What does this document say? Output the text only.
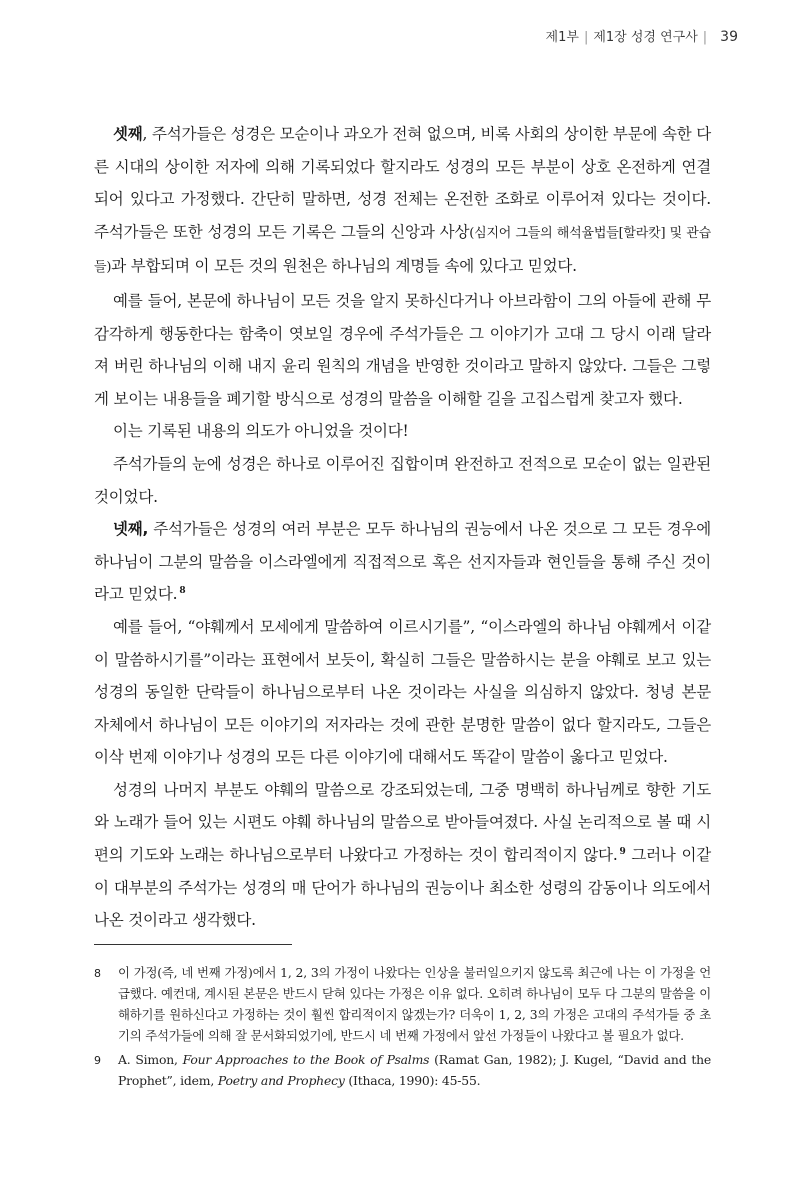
제1부 | 제1장 성경 연구사 | 39

셋째, 주석가들은 성경은 모순이나 과오가 전혀 없으며, 비록 사회의 상이한 부문에 속한 다른 시대의 상이한 저자에 의해 기록되었다 할지라도 성경의 모든 부분이 상호 온전하게 연결되어 있다고 가정했다. 간단히 말하면, 성경 전체는 온전한 조화로 이루어져 있다는 것이다. 주석가들은 또한 성경의 모든 기록은 그들의 신앙과 사상(심지어 그들의 해석율법들[할라캇] 및 관습들)과 부합되며 이 모든 것의 원천은 하나님의 계명들 속에 있다고 믿었다.

예를 들어, 본문에 하나님이 모든 것을 알지 못하신다거나 아브라함이 그의 아들에 관해 무감각하게 행동한다는 함축이 엿보일 경우에 주석가들은 그 이야기가 고대 그 당시 이래 달라져 버린 하나님의 이해 내지 윤리 원칙의 개념을 반영한 것이라고 말하지 않았다. 그들은 그렇게 보이는 내용들을 폐기할 방식으로 성경의 말씀을 이해할 길을 고집스럽게 찾고자 했다.

이는 기록된 내용의 의도가 아니었을 것이다!

주석가들의 눈에 성경은 하나로 이루어진 집합이며 완전하고 전적으로 모순이 없는 일관된 것이었다.

넷째, 주석가들은 성경의 여러 부분은 모두 하나님의 권능에서 나온 것으로 그 모든 경우에 하나님이 그분의 말씀을 이스라엘에게 직접적으로 혹은 선지자들과 현인들을 통해 주신 것이라고 믿었다. $^8$

예를 들어, “야훼께서 모세에게 말씀하여 이르시기를”, “이스라엘의 하나님 야훼께서 이같이 말씀하시기를”이라는 표현에서 보듯이, 확실히 그들은 말씀하시는 분을 야훼로 보고 있는 성경의 동일한 단락들이 하나님으로부터 나온 것이라는 사실을 의심하지 않았다. 청녕 본문 자체에서 하나님이 모든 이야기의 저자라는 것에 관한 분명한 말씀이 없다 할지라도, 그들은 이삭 번제 이야기나 성경의 모든 다른 이야기에 대해서도 똑같이 말씀이 옳다고 믿었다.

성경의 나머지 부분도 야훼의 말씀으로 강조되었는데, 그중 명백히 하나님께로 향한 기도와 노래가 들어 있는 시편도 야훼 하나님의 말씀으로 받아들여졌다. 사실 논리적으로 볼 때 시편의 기도와 노래는 하나님으로부터 나왔다고 가정하는 것이 합리적이지 않다. $^9$ 그러나 이같이 대부분의 주석가는 성경의 매 단어가 하나님의 권능이나 최소한 성령의 감동이나 의도에서 나온 것이라고 생각했다.

8	이 가정(즉, 네 번째 가정)에서 1, 2, 3의 가정이 나왔다는 인상을 불러일으키지 않도록 최근에 나는 이 가정을 언급했다. 예컨대, 계시된 본문은 반드시 닫혀 있다는 가정은 이유 없다. 오히려 하나님이 모두 다 그분의 말씀을 이해하기를 원하신다고 가정하는 것이 훨씬 합리적이지 않겠는가? 더욱이 1, 2, 3의 가정은 고대의 주석가들 중 초기의 주석가들에 의해 잘 문서화되었기에, 반드시 네 번째 가정에서 앞선 가정들이 나왔다고 볼 필요가 없다.
9	A. Simon, Four Approaches to the Book of Psalms (Ramat Gan, 1982); J. Kugel, “David and the Prophet”, idem, Poetry and Prophecy (Ithaca, 1990): 45-55.
